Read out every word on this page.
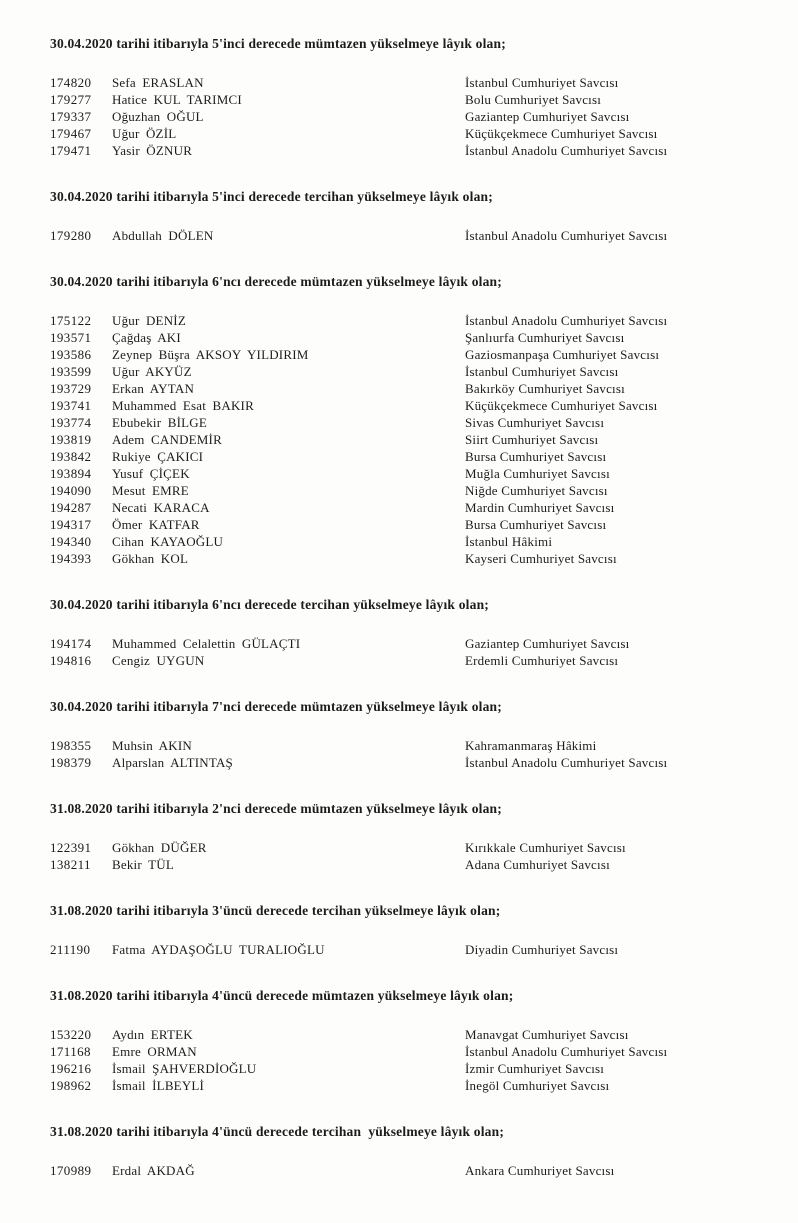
30.04.2020 tarihi itibarıyla 5'inci derecede mümtazen yükselmeye lâyık olan;

174820	Sefa ERASLAN	İstanbul Cumhuriyet Savcısı
179277	Hatice KUL TARIMCI	Bolu Cumhuriyet Savcısı
179337	Oğuzhan OĞUL	Gaziantep Cumhuriyet Savcısı
179467	Uğur ÖZİL	Küçükçekmece Cumhuriyet Savcısı
179471	Yasir ÖZNUR	İstanbul Anadolu Cumhuriyet Savcısı

30.04.2020 tarihi itibarıyla 5'inci derecede tercihan yükselmeye lâyık olan;

179280	Abdullah DÖLEN	İstanbul Anadolu Cumhuriyet Savcısı

30.04.2020 tarihi itibarıyla 6'ncı derecede mümtazen yükselmeye lâyık olan;

175122	Uğur DENİZ	İstanbul Anadolu Cumhuriyet Savcısı
193571	Çağdaş AKI	Şanlıurfa Cumhuriyet Savcısı
193586	Zeynep Büşra AKSOY YILDIRIM	Gaziosmanpaşa Cumhuriyet Savcısı
193599	Uğur AKYÜZ	İstanbul Cumhuriyet Savcısı
193729	Erkan AYTAN	Bakırköy Cumhuriyet Savcısı
193741	Muhammed Esat BAKIR	Küçükçekmece Cumhuriyet Savcısı
193774	Ebubekir BİLGE	Sivas Cumhuriyet Savcısı
193819	Adem CANDEMİR	Siirt Cumhuriyet Savcısı
193842	Rukiye ÇAKICI	Bursa Cumhuriyet Savcısı
193894	Yusuf ÇİÇEK	Muğla Cumhuriyet Savcısı
194090	Mesut EMRE	Niğde Cumhuriyet Savcısı
194287	Necati KARACA	Mardin Cumhuriyet Savcısı
194317	Ömer KATFAR	Bursa Cumhuriyet Savcısı
194340	Cihan KAYAOĞLU	İstanbul Hâkimi
194393	Gökhan KOL	Kayseri Cumhuriyet Savcısı

30.04.2020 tarihi itibarıyla 6'ncı derecede tercihan yükselmeye lâyık olan;

194174	Muhammed Celalettin GÜLAÇTI	Gaziantep Cumhuriyet Savcısı
194816	Cengiz UYGUN	Erdemli Cumhuriyet Savcısı

30.04.2020 tarihi itibarıyla 7'nci derecede mümtazen yükselmeye lâyık olan;

198355	Muhsin AKIN	Kahramanmaraş Hâkimi
198379	Alparslan ALTINTAŞ	İstanbul Anadolu Cumhuriyet Savcısı

31.08.2020 tarihi itibarıyla 2'nci derecede mümtazen yükselmeye lâyık olan;

122391	Gökhan DÜĞER	Kırıkkale Cumhuriyet Savcısı
138211	Bekir TÜL	Adana Cumhuriyet Savcısı

31.08.2020 tarihi itibarıyla 3'üncü derecede tercihan yükselmeye lâyık olan;

211190	Fatma AYDAŞOĞLU TURALIOĞLU	Diyadin Cumhuriyet Savcısı

31.08.2020 tarihi itibarıyla 4'üncü derecede mümtazen yükselmeye lâyık olan;

153220	Aydın ERTEK	Manavgat Cumhuriyet Savcısı
171168	Emre ORMAN	İstanbul Anadolu Cumhuriyet Savcısı
196216	İsmail ŞAHVERDİOĞLU	İzmir Cumhuriyet Savcısı
198962	İsmail İLBEYLİ	İnegöl Cumhuriyet Savcısı

31.08.2020 tarihi itibarıyla 4'üncü derecede tercihan  yükselmeye lâyık olan;

170989	Erdal AKDAĞ	Ankara Cumhuriyet Savcısı
